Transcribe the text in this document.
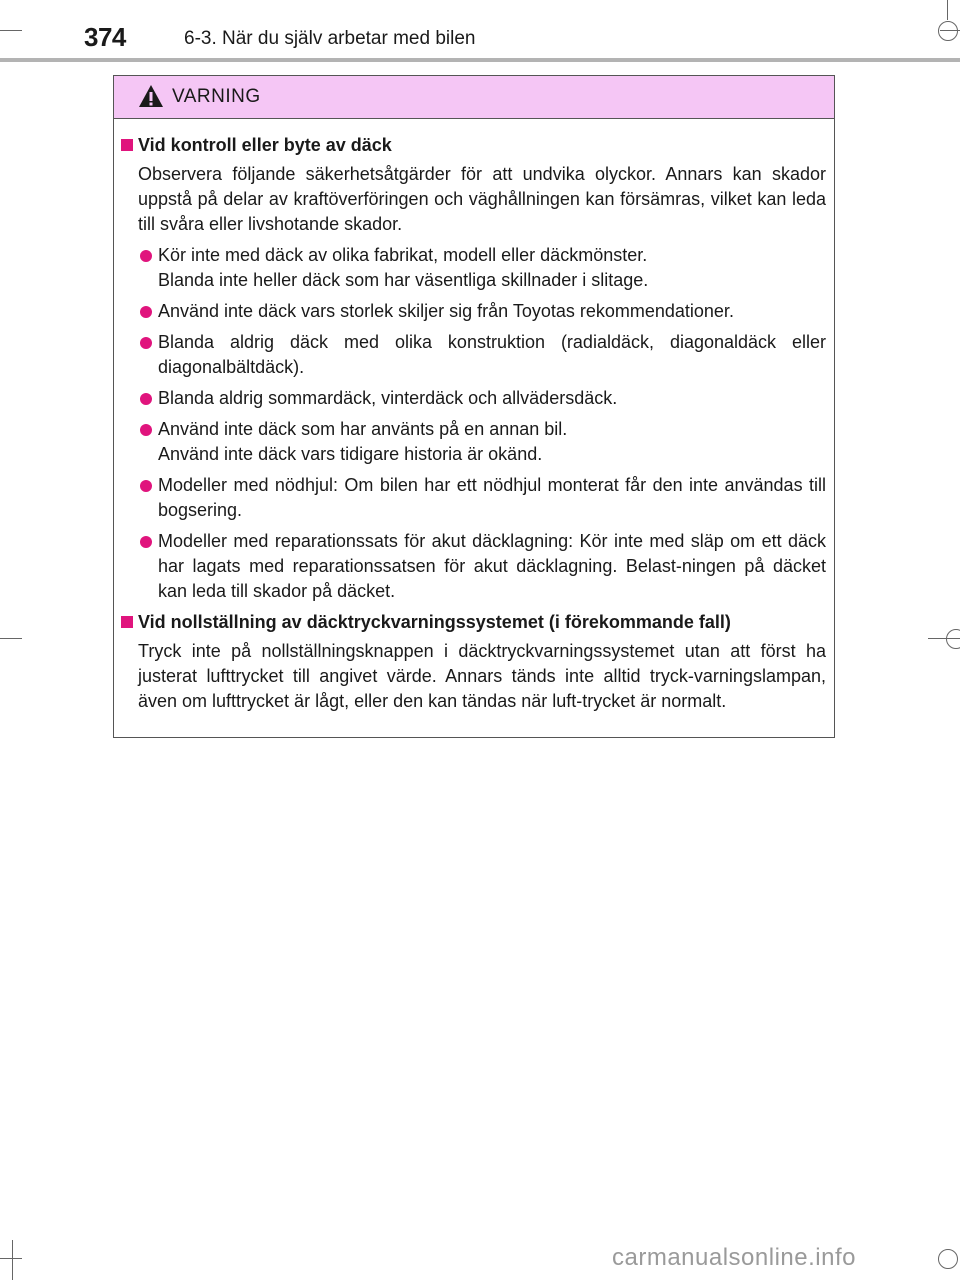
374	6-3. När du själv arbetar med bilen
VARNING
Vid kontroll eller byte av däck
Observera följande säkerhetsåtgärder för att undvika olyckor. Annars kan skador uppstå på delar av kraftöverföringen och väghållningen kan försämras, vilket kan leda till svåra eller livshotande skador.
Kör inte med däck av olika fabrikat, modell eller däckmönster.
Blanda inte heller däck som har väsentliga skillnader i slitage.
Använd inte däck vars storlek skiljer sig från Toyotas rekommendationer.
Blanda aldrig däck med olika konstruktion (radialdäck, diagonaldäck eller diagonalbältdäck).
Blanda aldrig sommardäck, vinterdäck och allvädersdäck.
Använd inte däck som har använts på en annan bil.
Använd inte däck vars tidigare historia är okänd.
Modeller med nödhjul: Om bilen har ett nödhjul monterat får den inte användas till bogsering.
Modeller med reparationssats för akut däcklagning: Kör inte med släp om ett däck har lagats med reparationssatsen för akut däcklagning. Belast-ningen på däcket kan leda till skador på däcket.
Vid nollställning av däcktryckvarningssystemet (i förekommande fall)
Tryck inte på nollställningsknappen i däcktryckvarningssystemet utan att först ha justerat lufttrycket till angivet värde. Annars tänds inte alltid tryck-varningslampan, även om lufttrycket är lågt, eller den kan tändas när luft-trycket är normalt.
carmanualsonline.info
